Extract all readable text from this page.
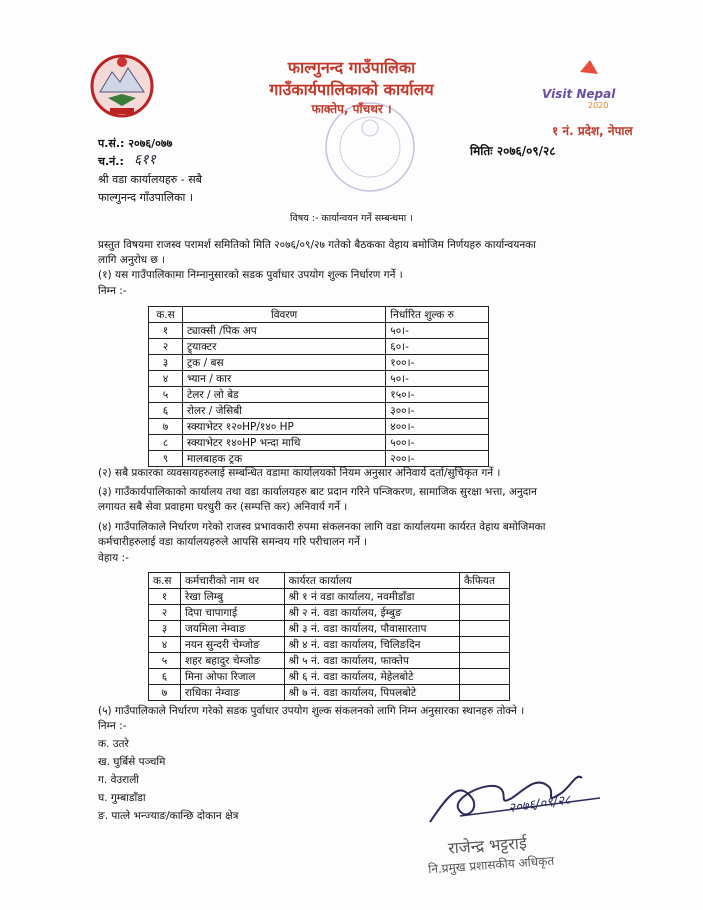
Visit Nepal
2020
फाल्गुनन्द गाउँपालिका
गाउँकार्यपालिकाको कार्यालय
फाक्तेप, पाँचथर ।
१ नं. प्रदेश, नेपाल
मितिः २०७६/०९/२८
प.सं.: २०७६/०७७
च.नं.: ६११
श्री वडा कार्यालयहरु - सबै
फाल्गुनन्द गाँउपालिका ।
विषय :- कार्यान्वयन गर्ने सम्बन्धमा ।
प्रस्तुत विषयमा राजस्व परामर्श समितिको मिति २०७६/०९/२७ गतेको बैठकका वेहाय बमोजिम निर्णयहरु कार्यान्वयनका
लागि अनुरोध छ ।
(१) यस गाउँपालिकामा निम्नानुसारको सडक पुर्वाधार उपयोग शुल्क निर्धारण गर्ने ।
निम्न :-
क.स	विवरण	निर्धारित शुल्क रु
१	ट्याक्सी /पिक अप	५०।-
२	ट्र्याक्टर	६०।-
३	ट्रक / बस	१००।-
४	भ्यान / कार	५०।-
५	टेलर / लो बेड	१५०।-
६	रोलर / जेसिबी	३००।-
७	स्क्याभेटर १२०HP/१४० HP	४००।-
८	स्क्याभेटर १४०HP भन्दा माथि	५००।-
९	मालबाहक ट्रक	२००।-
(२) सबै प्रकारका व्यवसायहरुलाई सम्बन्धित वडामा कार्यालयको नियम अनुसार अनिवार्य दर्ता/सुचिकृत गर्ने ।
(३) गाउँकार्यपालिकाको कार्यालय तथा वडा कार्यालयहरु बाट प्रदान गरिने पन्जिकरण, सामाजिक सुरक्षा भत्ता, अनुदान
लगायत सबै सेवा प्रवाहमा घरधुरी कर (सम्पत्ति कर) अनिवार्य गर्ने ।
(४) गाउँपालिकाले निर्धारण गरेको राजस्व प्रभावकारी रुपमा संकलनका लागि वडा कार्यालयमा कार्यरत वेहाय बमोजिमका
कर्मचारीहरुलाई वडा कार्यालयहरुले आपसि समन्वय गरि परीचालन गर्ने ।
वेहाय :-
क.स	कर्मचारीको नाम थर	कार्यरत कार्यालय	कैफियत
१	रेखा लिम्बु	श्री १ नं वडा कार्यालय, नवमीडाँडा	
२	दिपा चापागाई	श्री २ नं. वडा कार्यालय, ईम्बुङ	
३	जयमिला नेम्वाङ	श्री ३ नं. वडा कार्यालय, पौवासारताप	
४	नयन सुन्दरी चेम्जोङ	श्री ४ नं. वडा कार्यालय, चिलिङदिन	
५	शहर बहादुर चेम्जोङ	श्री ५ नं. वडा कार्यालय, फाक्तेप	
६	मिना ओफा रिजाल	श्री ६ नं. वडा कार्यालय, मेहेलबोटे	
७	राधिका नेम्वाङ	श्री ७ नं. वडा कार्यालय, पिपलबोटे	
(५) गाउँपालिकाले निर्धारण गरेको सडक पुर्वाधार उपयोग शुल्क संकलनको लागि निम्न अनुसारका स्थानहरु तोक्ने ।
निम्न :-
क. उतरे
ख. घुर्बिसे पञ्चमि
ग. वेउराली
घ. गुम्बाडाँडा
ङ. पात्ले भन्ज्याङ/कान्छि दोकान क्षेत्र	२०७६/०९/२८
राजेन्द्र भट्टराई
नि.प्रमुख प्रशासकीय अधिकृत
